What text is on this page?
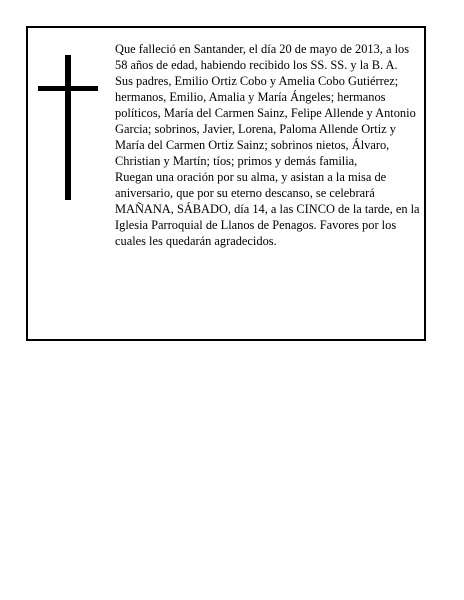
Que falleció en Santander, el día 20 de mayo de 2013, a los 58 años de edad, habiendo recibido los SS. SS. y la B. A.

Sus padres, Emilio Ortiz Cobo y Amelia Cobo Gutiérrez; hermanos, Emilio, Amalia y María Ángeles; hermanos políticos, María del Carmen Sainz, Felipe Allende y Antonio Garcia; sobrinos, Javier, Lorena, Paloma Allende Ortiz y María del Carmen Ortiz Sainz; sobrinos nietos, Álvaro, Christian y Martín; tíos; primos y demás familia,

Ruegan una oración por su alma, y asistan a la misa de aniversario, que por su eterno descanso, se celebrará MAÑANA, SÁBADO, día 14, a las CINCO de la tarde, en la Iglesia Parroquial de Llanos de Penagos. Favores por los cuales les quedarán agradecidos.
